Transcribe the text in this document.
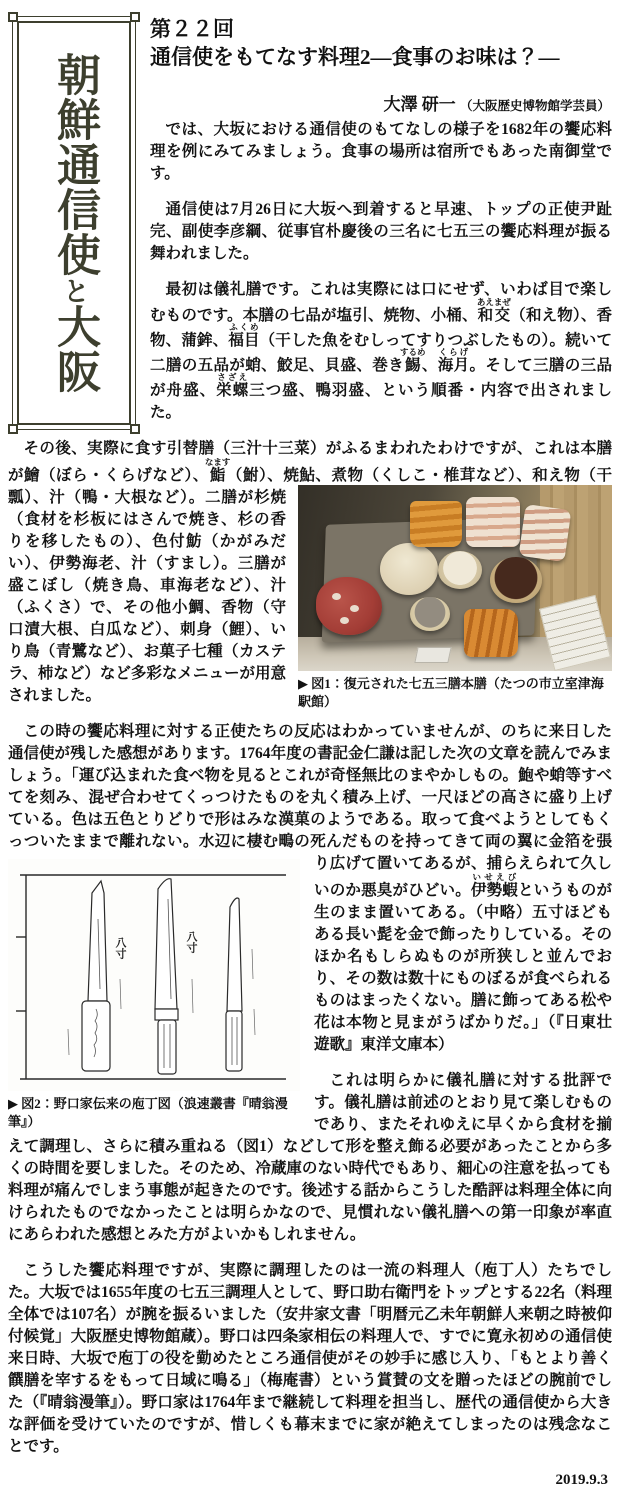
朝鮮通信使と大阪
第２２回
通信使をもてなす料理2―食事のお味は？―
大澤 研一 （大阪歴史博物館学芸員）

では、大坂における通信使のもてなしの様子を1682年の饗応料理を例にみてみましょう。食事の場所は宿所でもあった南御堂です。

通信使は7月26日に大坂へ到着すると早速、トップの正使尹趾完、副使李彦綱、従事官朴慶後の三名に七五三の饗応料理が振る舞われました。

最初は儀礼膳です。これは実際には口にせず、いわば目で楽しむものです。本膳の七品が塩引、焼物、小桶、和交あえまぜ（和え物）、香物、蒲鉾、福目ふくめ（干した魚をむしってすりつぶしたもの）。続いて二膳の五品が蛸、鮫足、貝盛、巻き鯣するめ、海月くらげ。そして三膳の三品が舟盛、栄螺さざえ三つ盛、鴨羽盛、という順番・内容で出されました。

その後、実際に食す引替膳（三汁十三菜）がふるまわれたわけですが、これは本膳が鱠（ぼら・くらげなど）、鮨なます（鮒）、焼鮎、煮物
▶ 図1：復元された七五三膳本膳（たつの市立室津海駅館）
（くしこ・椎茸など）、和え物（干瓢）、汁（鴨・大根など）。二膳が杉焼（食材を杉板にはさんで焼き、杉の香りを移したもの）、色付魴（かがみだい）、伊勢海老、汁（すまし）。三膳が盛こぼし（焼き鳥、車海老など）、汁（ふくさ）で、その他小鯛、香物（守口漬大根、白瓜など）、刺身（鯉）、いり鳥（青鷺など）、お菓子七種（カステラ、柿など）など多彩なメニューが用意されました。

この時の饗応料理に対する正使たちの反応はわかっていませんが、のちに来日した通信使が残した感想があります。1764年度の書記金仁謙は記した次の文章を読んでみましょう。「運び込まれた食べ物を見るとこれが奇怪無比のまやかしもの。鮑や蛸等すべてを刻み、混ぜ合わせてくっつけたものを丸く積み上げ、一尺ほどの高さに盛り上げている。色は五色とりどりで形はみな漢菓のようである。取って食べようとしてもくっついたままで離れない。水辺に棲む鴫の死んだものを持ってきて両の翼に金箔を張り広げて
八寸	八寸
▶ 図2：野口家伝来の庖丁図（浪速叢書『晴翁漫筆』）
置いてあるが、捕らえられて久しいのか悪臭がひどい。伊勢蝦いせえびというものが生のまま置いてある。（中略）五寸ほどもある長い髭を金で飾ったりしている。そのほか名もしらぬものが所狭しと並んでおり、その数は数十にものぼるが食べられるものはまったくない。膳に飾ってある松や花は本物と見まがうばかりだ。」（『日東壮遊歌』東洋文庫本）

これは明らかに儀礼膳に対する批評です。儀礼膳は前述のとおり見て楽しむものであり、またそれゆえに早くから食材を揃えて調理し、さらに積み重ねる（図1）などして形を整え飾る必要があったことから多くの時間を要しました。そのため、冷蔵庫のない時代でもあり、細心の注意を払っても料理が痛んでしまう事態が起きたのです。後述する話からこうした酷評は料理全体に向けられたものでなかったことは明らかなので、見慣れない儀礼膳への第一印象が率直にあらわれた感想とみた方がよいかもしれません。

こうした饗応料理ですが、実際に調理したのは一流の料理人（庖丁人）たちでした。大坂では1655年度の七五三調理人として、野口助右衛門をトップとする22名（料理全体では107名）が腕を振るいました（安井家文書「明暦元乙未年朝鮮人来朝之時被仰付候覚」大阪歴史博物館蔵）。野口は四条家相伝の料理人で、すでに寛永初めの通信使来日時、大坂で庖丁の役を勤めたところ通信使がその妙手に感じ入り、「もとより善く饌膳を宰するをもって日域に鳴る」（梅庵書）という賞賛の文を贈ったほどの腕前でした（『晴翁漫筆』）。野口家は1764年まで継続して料理を担当し、歴代の通信使から大きな評価を受けていたのですが、惜しくも幕末までに家が絶えてしまったのは残念なことです。

2019.9.3
